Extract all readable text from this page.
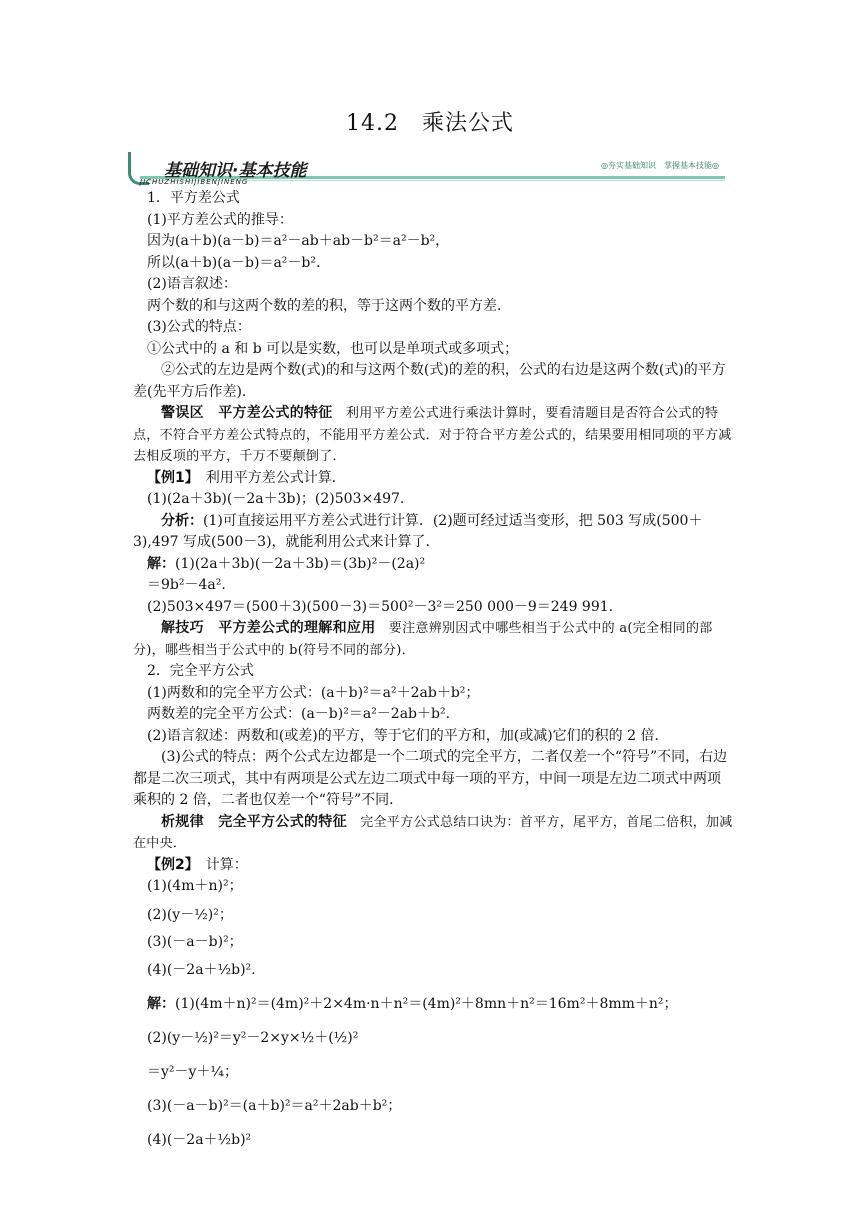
14.2　乘法公式
基础知识·基本技能
JICHUZHISHIJIBENJINENG
◎夯实基础知识　掌握基本技能◎

1．平方差公式

(1)平方差公式的推导：

因为(a＋b)(a－b)＝a²－ab＋ab－b²＝a²－b²，

所以(a＋b)(a－b)＝a²－b².

(2)语言叙述：

两个数的和与这两个数的差的积，等于这两个数的平方差．

(3)公式的特点：

①公式中的 a 和 b 可以是实数，也可以是单项式或多项式；

②公式的左边是两个数(式)的和与这两个数(式)的差的积，公式的右边是这两个数(式)的平方差(先平方后作差)．

警误区　平方差公式的特征　利用平方差公式进行乘法计算时，要看清题目是否符合公式的特点，不符合平方差公式特点的，不能用平方差公式．对于符合平方差公式的，结果要用相同项的平方减去相反项的平方，千万不要颠倒了．

【例1】　利用平方差公式计算．

(1)(2a＋3b)(－2a＋3b)；(2)503×497.

分析：(1)可直接运用平方差公式进行计算．(2)题可经过适当变形，把 503 写成(500＋3),497 写成(500－3)，就能利用公式来计算了．

解：(1)(2a＋3b)(－2a＋3b)＝(3b)²－(2a)²

＝9b²－4a².

(2)503×497＝(500＋3)(500－3)＝500²－3²＝250 000－9＝249 991.

解技巧　平方差公式的理解和应用　要注意辨别因式中哪些相当于公式中的 a(完全相同的部分)，哪些相当于公式中的 b(符号不同的部分)．

2．完全平方公式

(1)两数和的完全平方公式：(a＋b)²＝a²＋2ab＋b²；

两数差的完全平方公式：(a－b)²＝a²－2ab＋b².

(2)语言叙述：两数和(或差)的平方，等于它们的平方和，加(或减)它们的积的 2 倍．

(3)公式的特点：两个公式左边都是一个二项式的完全平方，二者仅差一个“符号”不同，右边都是二次三项式，其中有两项是公式左边二项式中每一项的平方，中间一项是左边二项式中两项乘积的 2 倍，二者也仅差一个“符号”不同．

析规律　完全平方公式的特征　完全平方公式总结口诀为：首平方，尾平方，首尾二倍积，加减在中央．

【例2】　计算：

(1)(4m＋n)²；

(2)(y－½)²；

(3)(－a－b)²；

(4)(－2a＋½b)².

解：(1)(4m＋n)²＝(4m)²＋2×4m·n＋n²＝(4m)²＋8mn＋n²＝16m²＋8mm＋n²；

(2)(y－½)²＝y²－2×y×½＋(½)²

＝y²－y＋¼；

(3)(－a－b)²＝(a＋b)²＝a²＋2ab＋b²；

(4)(－2a＋½b)²
